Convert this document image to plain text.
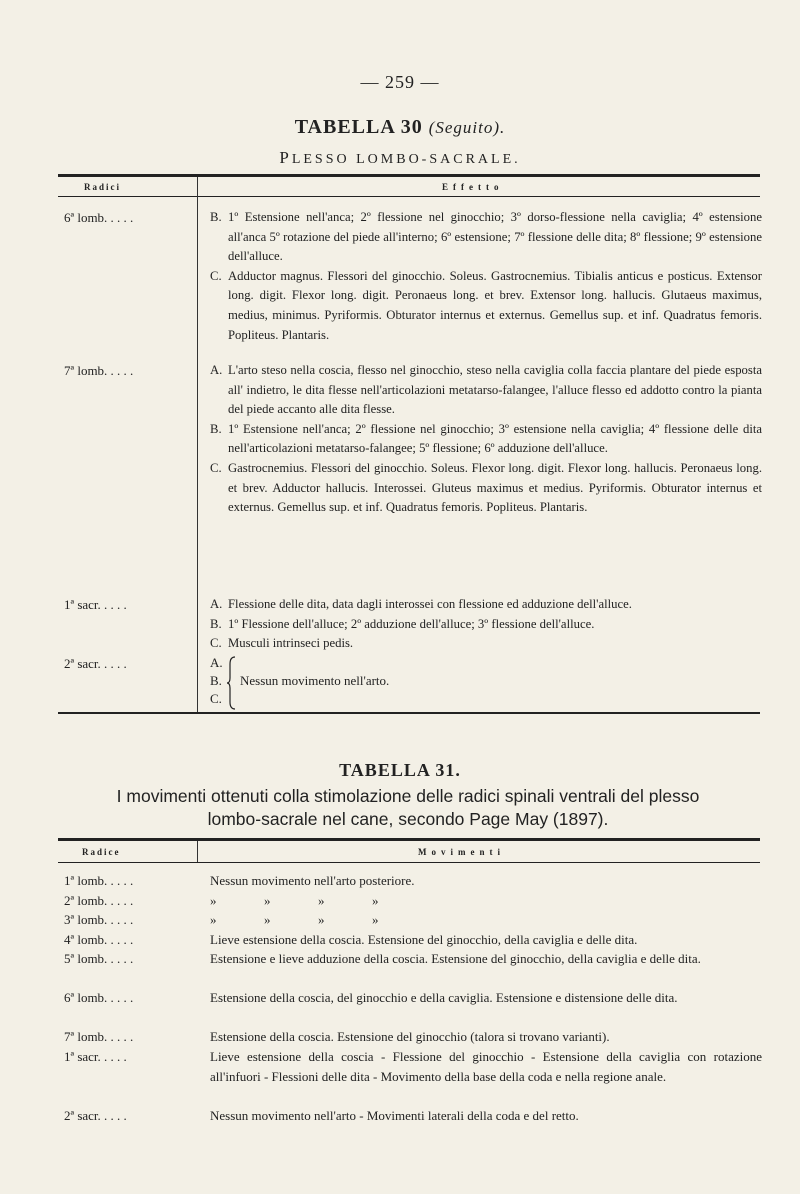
— 259 —
TABELLA 30 (Seguito).
PLESSO LOMBO-SACRALE.
Radici	Effetto
6ª lomb. . . . .	B. 1º Estensione nell'anca; 2º flessione nel ginocchio; 3º dorso-flessione nella caviglia; 4º estensione all'anca 5º rotazione del piede all'interno; 6º estensione; 7º flessione delle dita; 8º flessione; 9º estensione dell'alluce.
C. Adductor magnus. Flessori del ginocchio. Soleus. Gastrocnemius. Tibialis anticus e posticus. Extensor long. digit. Flexor long. digit. Peronaeus long. et brev. Extensor long. hallucis. Glutaeus maximus, medius, minimus. Pyriformis. Obturator internus et externus. Gemellus sup. et inf. Quadratus femoris. Popliteus. Plantaris.
7ª lomb. . . . .	A. L'arto steso nella coscia, flesso nel ginocchio, steso nella caviglia colla faccia plantare del piede esposta all' indietro, le dita flesse nell'articolazioni metatarso-falangee, l'alluce flesso ed addotto contro la pianta del piede accanto alle dita flesse.
B. 1º Estensione nell'anca; 2º flessione nel ginocchio; 3º estensione nella caviglia; 4º flessione delle dita nell'articolazioni metatarso-falangee; 5º flessione; 6º adduzione dell'alluce.
C. Gastrocnemius. Flessori del ginocchio. Soleus. Flexor long. digit. Flexor long. hallucis. Peronaeus long. et brev. Adductor hallucis. Interossei. Gluteus maximus et medius. Pyriformis. Obturator internus et externus. Gemellus sup. et inf. Quadratus femoris. Popliteus. Plantaris.
1ª sacr. . . . .	A. Flessione delle dita, data dagli interossei con flessione ed adduzione dell'alluce.
B. 1º Flessione dell'alluce; 2º adduzione dell'alluce; 3º flessione dell'alluce.
C. Musculi intrinseci pedis.
2ª sacr. . . . .	A.
B.
C.
Nessun movimento nell'arto.
TABELLA 31.
I movimenti ottenuti colla stimolazione delle radici spinali ventrali del plesso
lombo-sacrale nel cane, secondo Page May (1897).
Radice	Movimenti
1ª lomb. . . . .	Nessun movimento nell'arto posteriore.
2ª lomb. . . . .	»	»	»	»
3ª lomb. . . . .	»	»	»	»
4ª lomb. . . . .	Lieve estensione della coscia. Estensione del ginocchio, della caviglia e delle dita.
5ª lomb. . . . .	Estensione e lieve adduzione della coscia. Estensione del ginocchio, della caviglia e delle dita.
6ª lomb. . . . .	Estensione della coscia, del ginocchio e della caviglia. Estensione e distensione delle dita.
7ª lomb. . . . .	Estensione della coscia. Estensione del ginocchio (talora si trovano varianti).
1ª sacr. . . . .	Lieve estensione della coscia - Flessione del ginocchio - Estensione della caviglia con rotazione all'infuori - Flessioni delle dita - Movimento della base della coda e nella regione anale.
2ª sacr. . . . .	Nessun movimento nell'arto - Movimenti laterali della coda e del retto.
